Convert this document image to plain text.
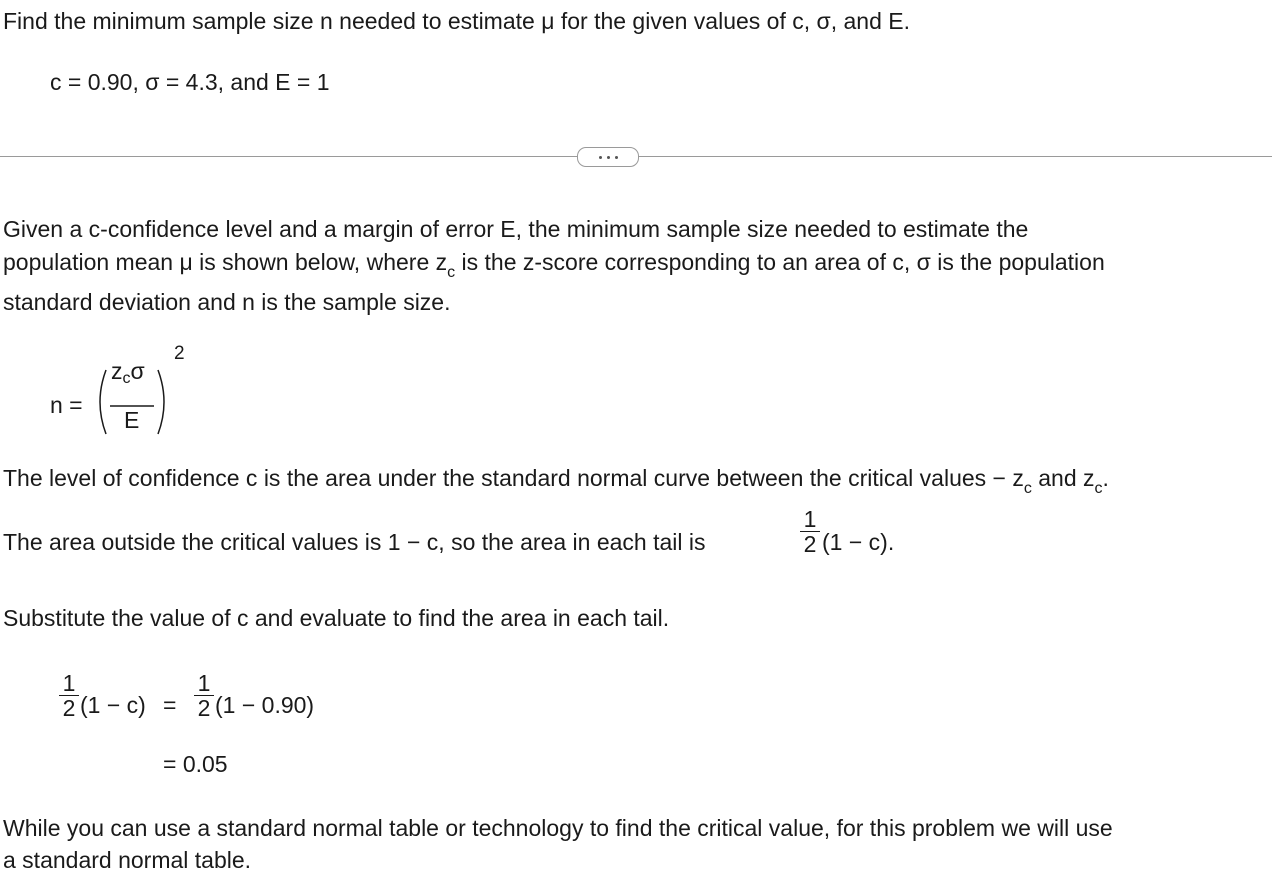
Find the minimum sample size n needed to estimate μ for the given values of c, σ, and E.
c = 0.90, σ = 4.3, and E = 1
Given a c-confidence level and a margin of error E, the minimum sample size needed to estimate the
population mean μ is shown below, where $z_c$ is the z-score corresponding to an area of c, σ is the population
standard deviation and n is the sample size.
n =
zcσ
E
2
The level of confidence c is the area under the standard normal curve between the critical values − $z_c$ and $z_c$.
The area outside the critical values is 1 − c, so the area in each tail is	$\frac{1}{2} (1 - c)$.
Substitute the value of c and evaluate to find the area in each tail.
$\frac{1}{2} (1 - c) = \frac{1}{2} (1 - 0.90)$
= 0.05
While you can use a standard normal table or technology to find the critical value, for this problem we will use
a standard normal table.
